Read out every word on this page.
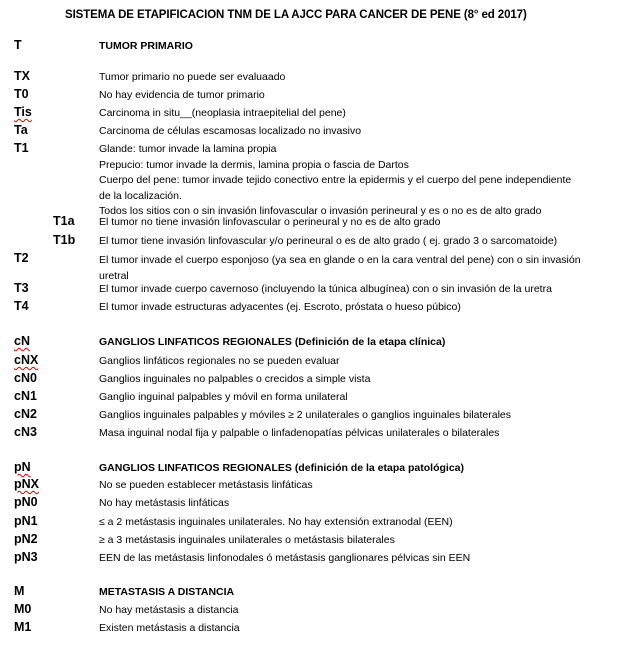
SISTEMA DE ETAPIFICACION TNM DE LA AJCC PARA CANCER DE PENE (8° ed 2017)
T	TUMOR PRIMARIO
TX	Tumor primario no puede ser evaluaado
T0	No hay evidencia de tumor primario
Tis	Carcinoma in situ__(neoplasia intraepitelial del pene)
Ta	Carcinoma de células escamosas localizado no invasivo
T1	Glande: tumor invade la lamina propia
Prepucio: tumor invade la dermis, lamina propia o fascia de Dartos
Cuerpo del pene: tumor invade tejido conectivo entre la epidermis y el cuerpo del pene independiente
de la localización.
Todos los sitios con o sin invasión linfovascular o invasión perineural y es o no es de alto grado
T1a El tumor no tiene invasión linfovascular o perineural y no es de alto grado
T1b El tumor tiene invasión linfovascular y/o perineural o es de alto grado ( ej. grado 3 o sarcomatoide)
T2	El tumor invade el cuerpo esponjoso (ya sea en glande o en la cara ventral del pene) con o sin invasión
uretral
T3	El tumor invade cuerpo cavernoso (incluyendo la túnica albugínea) con o sin invasión de la uretra
T4	El tumor invade estructuras adyacentes (ej. Escroto, próstata o hueso púbico)
cN	GANGLIOS LINFATICOS REGIONALES (Definición de la etapa clínica)
cNX	Ganglios linfáticos regionales no se pueden evaluar
cN0	Ganglios inguinales no palpables o crecidos a simple vista
cN1	Ganglio inguinal palpables y móvil en forma unilateral
cN2	Ganglios inguinales palpables y móviles ≥ 2 unilaterales o ganglios inguinales bilaterales
cN3	Masa inguinal nodal fija y palpable o linfadenopatías pélvicas unilaterales o bilaterales
pN	GANGLIOS LINFATICOS REGIONALES (definición de la etapa patológica)
pNX	No se pueden establecer metástasis linfáticas
pN0	No hay metástasis linfáticas
pN1	≤ a 2 metástasis inguinales unilaterales. No hay extensión extranodal (EEN)
pN2	≥ a 3 metástasis inguinales unilaterales o metástasis bilaterales
pN3	EEN de las metástasis linfonodales ó metástasis ganglionares pélvicas sin EEN
M	METASTASIS A DISTANCIA
M0	No hay metástasis a distancia
M1	Existen metástasis a distancia
